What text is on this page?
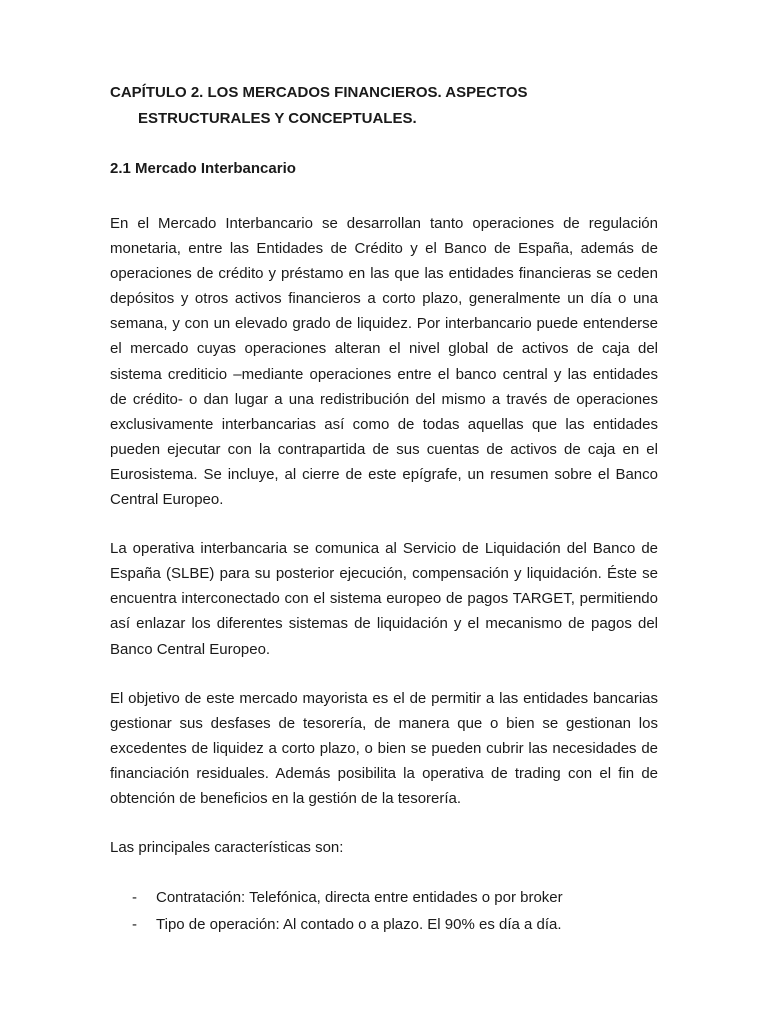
CAPÍTULO 2. LOS MERCADOS FINANCIEROS. ASPECTOS
ESTRUCTURALES Y CONCEPTUALES.
2.1 Mercado Interbancario

En el Mercado Interbancario se desarrollan tanto operaciones de regulación monetaria, entre las Entidades de Crédito y el Banco de España, además de operaciones de crédito y préstamo en las que las entidades financieras se ceden depósitos y otros activos financieros a corto plazo, generalmente un día o una semana, y con un elevado grado de liquidez. Por interbancario puede entenderse el mercado cuyas operaciones alteran el nivel global de activos de caja del sistema crediticio –mediante operaciones entre el banco central y las entidades de crédito- o dan lugar a una redistribución del mismo a través de operaciones exclusivamente interbancarias así como de todas aquellas que las entidades pueden ejecutar con la contrapartida de sus cuentas de activos de caja en el Eurosistema. Se incluye, al cierre de este epígrafe, un resumen sobre el Banco Central Europeo.

La operativa interbancaria se comunica al Servicio de Liquidación del Banco de España (SLBE) para su posterior ejecución, compensación y liquidación. Éste se encuentra interconectado con el sistema europeo de pagos TARGET, permitiendo así enlazar los diferentes sistemas de liquidación y el mecanismo de pagos del Banco Central Europeo.

El objetivo de este mercado mayorista es el de permitir a las entidades bancarias gestionar sus desfases de tesorería, de manera que o bien se gestionan los excedentes de liquidez a corto plazo, o bien se pueden cubrir las necesidades de financiación residuales. Además posibilita la operativa de trading con el fin de obtención de beneficios en la gestión de la tesorería.

Las principales características son:

- Contratación: Telefónica, directa entre entidades o por broker
- Tipo de operación: Al contado o a plazo. El 90% es día a día.
